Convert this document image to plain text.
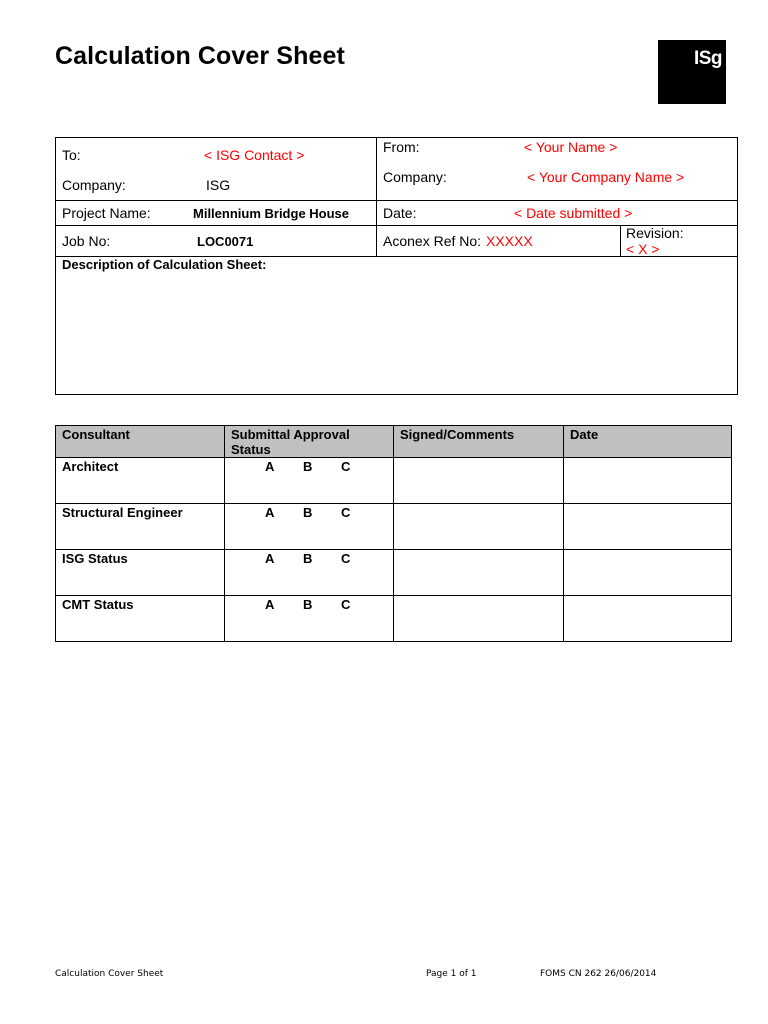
Calculation Cover Sheet	ISg
To:	< ISG Contact >
Company:	ISG
From:	< Your Name >
Company:	< Your Company Name >
Project Name:	Millennium Bridge House Date:	< Date submitted >
Job No:	LOC0071	Aconex Ref No: XXXXX	Revision:
< X >
Description of Calculation Sheet:
Consultant	Submittal Approval Status	Signed/Comments	Date
Architect	A B C		

Structural Engineer	A B C		

ISG Status	A B C		

CMT Status	A B C		

Calculation Cover Sheet	Page 1 of 1	FOMS CN 262 26/06/2014
